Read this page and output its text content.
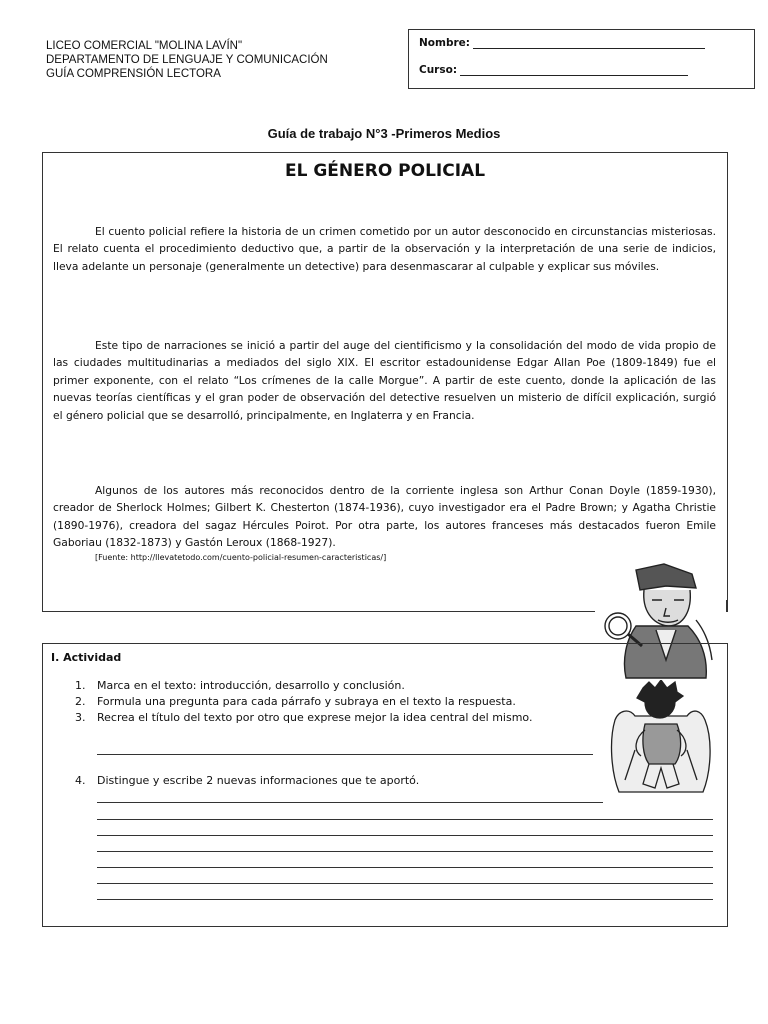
LICEO COMERCIAL "MOLINA LAVÍN"
DEPARTAMENTO DE LENGUAJE Y COMUNICACIÓN
GUÍA COMPRENSIÓN LECTORA
Nombre:
Curso:
Guía de trabajo N°3 -Primeros Medios
EL GÉNERO POLICIAL
El cuento policial refiere la historia de un crimen cometido por un autor desconocido en circunstancias misteriosas. El relato cuenta el procedimiento deductivo que, a partir de la observación y la interpretación de una serie de indicios, lleva adelante un personaje (generalmente un detective) para desenmascarar al culpable y explicar sus móviles.
Este tipo de narraciones se inició a partir del auge del cientificismo y la consolidación del modo de vida propio de las ciudades multitudinarias a mediados del siglo XIX. El escritor estadounidense Edgar Allan Poe (1809-1849) fue el primer exponente, con el relato “Los crímenes de la calle Morgue”. A partir de este cuento, donde la aplicación de las nuevas teorías científicas y el gran poder de observación del detective resuelven un misterio de difícil explicación, surgió el género policial que se desarrolló, principalmente, en Inglaterra y en Francia.
Algunos de los autores más reconocidos dentro de la corriente inglesa son Arthur Conan Doyle (1859-1930), creador de Sherlock Holmes; Gilbert K. Chesterton (1874-1936), cuyo investigador era el Padre Brown; y Agatha Christie (1890-1976), creadora del sagaz Hércules Poirot. Por otra parte, los autores franceses más destacados fueron Emile Gaboriau (1832-1873) y Gastón Leroux (1868-1927).
[Fuente: http://llevatetodo.com/cuento-policial-resumen-caracteristicas/]
I. Actividad
1. Marca en el texto: introducción, desarrollo y conclusión.
2. Formula una pregunta para cada párrafo y subraya en el texto la respuesta.
3. Recrea el título del texto por otro que exprese mejor la idea central del mismo.
4. Distingue y escribe 2 nuevas informaciones que te aportó.
